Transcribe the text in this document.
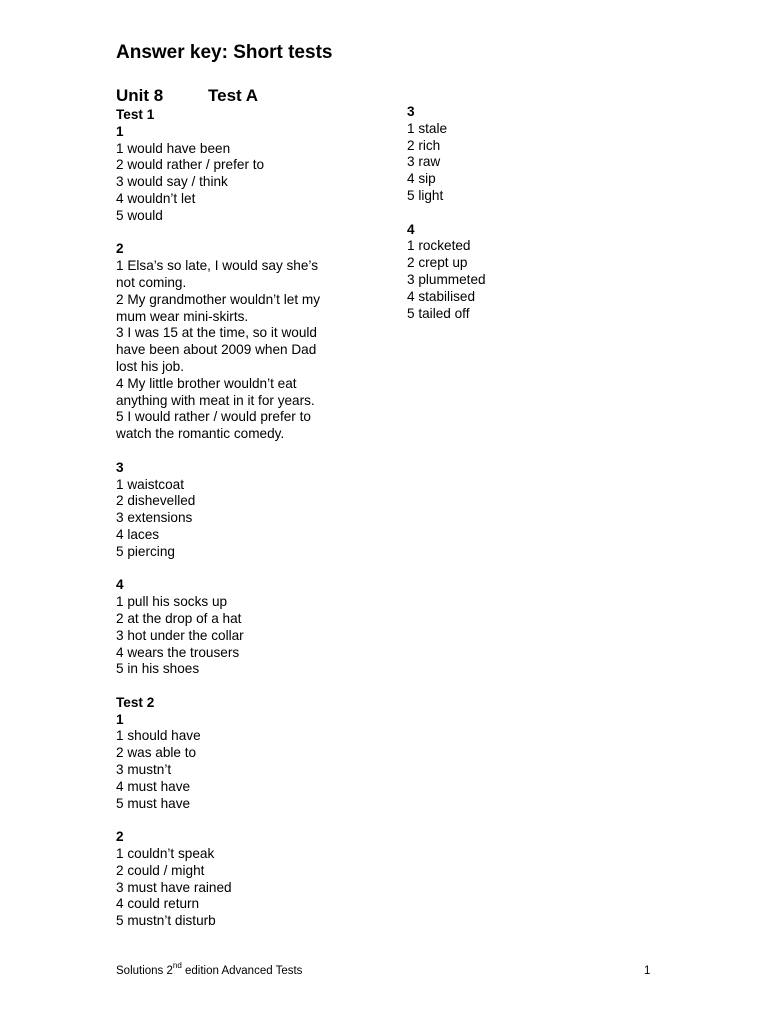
Answer key: Short tests
Unit 8	Test A
Test 1
1
1 would have been
2 would rather / prefer to
3 would say / think
4 wouldn’t let
5 would
2
1 Elsa’s so late, I would say she’s
not coming.
2 My grandmother wouldn’t let my
mum wear mini-skirts.
3 I was 15 at the time, so it would
have been about 2009 when Dad
lost his job.
4 My little brother wouldn’t eat
anything with meat in it for years.
5 I would rather / would prefer to
watch the romantic comedy.
3
1 waistcoat
2 dishevelled
3 extensions
4 laces
5 piercing
4
1 pull his socks up
2 at the drop of a hat
3 hot under the collar
4 wears the trousers
5 in his shoes
Test 2
1
1 should have
2 was able to
3 mustn’t
4 must have
5 must have
2
1 couldn’t speak
2 could / might
3 must have rained
4 could return
5 mustn’t disturb
3
1 stale
2 rich
3 raw
4 sip
5 light
4
1 rocketed
2 crept up
3 plummeted
4 stabilised
5 tailed off
Solutions 2nd edition Advanced Tests	1
